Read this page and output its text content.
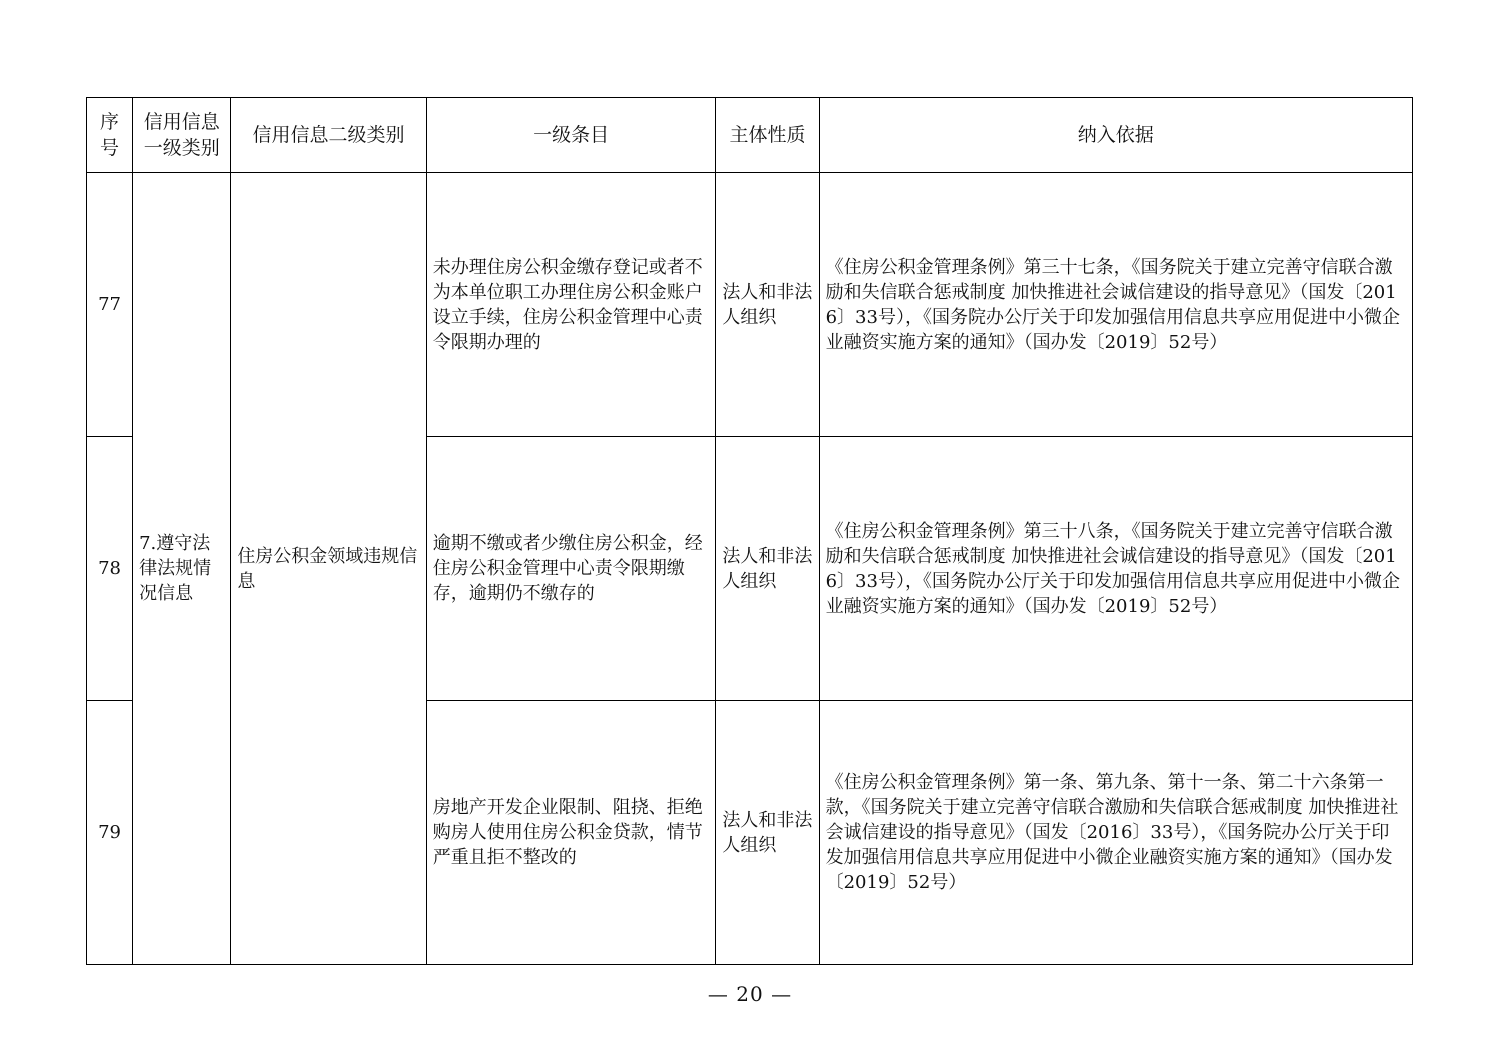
序号	信用信息一级类别	信用信息二级类别	一级条目	主体性质	纳入依据
77	7.遵守法律法规情况信息	住房公积金领域违规信息	未办理住房公积金缴存登记或者不为本单位职工办理住房公积金账户设立手续，住房公积金管理中心责令限期办理的	法人和非法人组织	《住房公积金管理条例》第三十七条，《国务院关于建立完善守信联合激励和失信联合惩戒制度 加快推进社会诚信建设的指导意见》（国发〔2016〕33号），《国务院办公厅关于印发加强信用信息共享应用促进中小微企业融资实施方案的通知》（国办发〔2019〕52号）
78			逾期不缴或者少缴住房公积金，经住房公积金管理中心责令限期缴存，逾期仍不缴存的	法人和非法人组织	《住房公积金管理条例》第三十八条，《国务院关于建立完善守信联合激励和失信联合惩戒制度 加快推进社会诚信建设的指导意见》（国发〔2016〕33号），《国务院办公厅关于印发加强信用信息共享应用促进中小微企业融资实施方案的通知》（国办发〔2019〕52号）
79			房地产开发企业限制、阻挠、拒绝购房人使用住房公积金贷款，情节严重且拒不整改的	法人和非法人组织	《住房公积金管理条例》第一条、第九条、第十一条、第二十六条第一款，《国务院关于建立完善守信联合激励和失信联合惩戒制度 加快推进社会诚信建设的指导意见》（国发〔2016〕33号），《国务院办公厅关于印发加强信用信息共享应用促进中小微企业融资实施方案的通知》（国办发〔2019〕52号）
— 20 —
